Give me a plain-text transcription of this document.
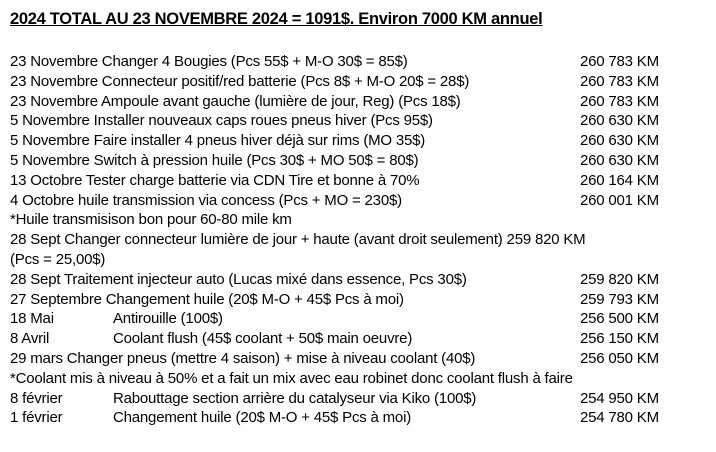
2024 TOTAL AU 23 NOVEMBRE 2024 = 1091$. Environ 7000 KM annuel
23 Novembre Changer 4 Bougies (Pcs 55$ + M-O 30$ = 85$)	260 783 KM
23 Novembre Connecteur positif/red batterie (Pcs 8$ + M-O 20$ = 28$)	260 783 KM
23 Novembre Ampoule avant gauche (lumière de jour, Reg) (Pcs 18$)	260 783 KM
5 Novembre Installer nouveaux caps roues pneus hiver (Pcs 95$)	260 630 KM
5 Novembre Faire installer 4 pneus hiver déjà sur rims (MO 35$)	260 630 KM
5 Novembre Switch à pression huile (Pcs 30$ + MO 50$ = 80$)	260 630 KM
13 Octobre Tester charge batterie via CDN Tire et bonne à 70%	260 164 KM
4 Octobre huile transmission via concess (Pcs + MO = 230$)	260 001 KM
*Huile transmisison bon pour 60-80 mile km
28 Sept Changer connecteur lumière de jour + haute (avant droit seulement) 259 820 KM
(Pcs = 25,00$)
28 Sept Traitement injecteur auto (Lucas mixé dans essence, Pcs 30$)	259 820 KM
27 Septembre Changement huile (20$ M-O + 45$ Pcs à moi)	259 793 KM
18 Mai	Antirouille (100$)	256 500 KM
8 Avril	Coolant flush (45$ coolant + 50$ main oeuvre)	256 150 KM
29 mars Changer pneus (mettre 4 saison) + mise à niveau coolant (40$)	256 050 KM
*Coolant mis à niveau à 50% et a fait un mix avec eau robinet donc coolant flush à faire
8 février	Rabouttage section arrière du catalyseur via Kiko (100$)	254 950 KM
1 février	Changement huile (20$ M-O + 45$ Pcs à moi)	254 780 KM
